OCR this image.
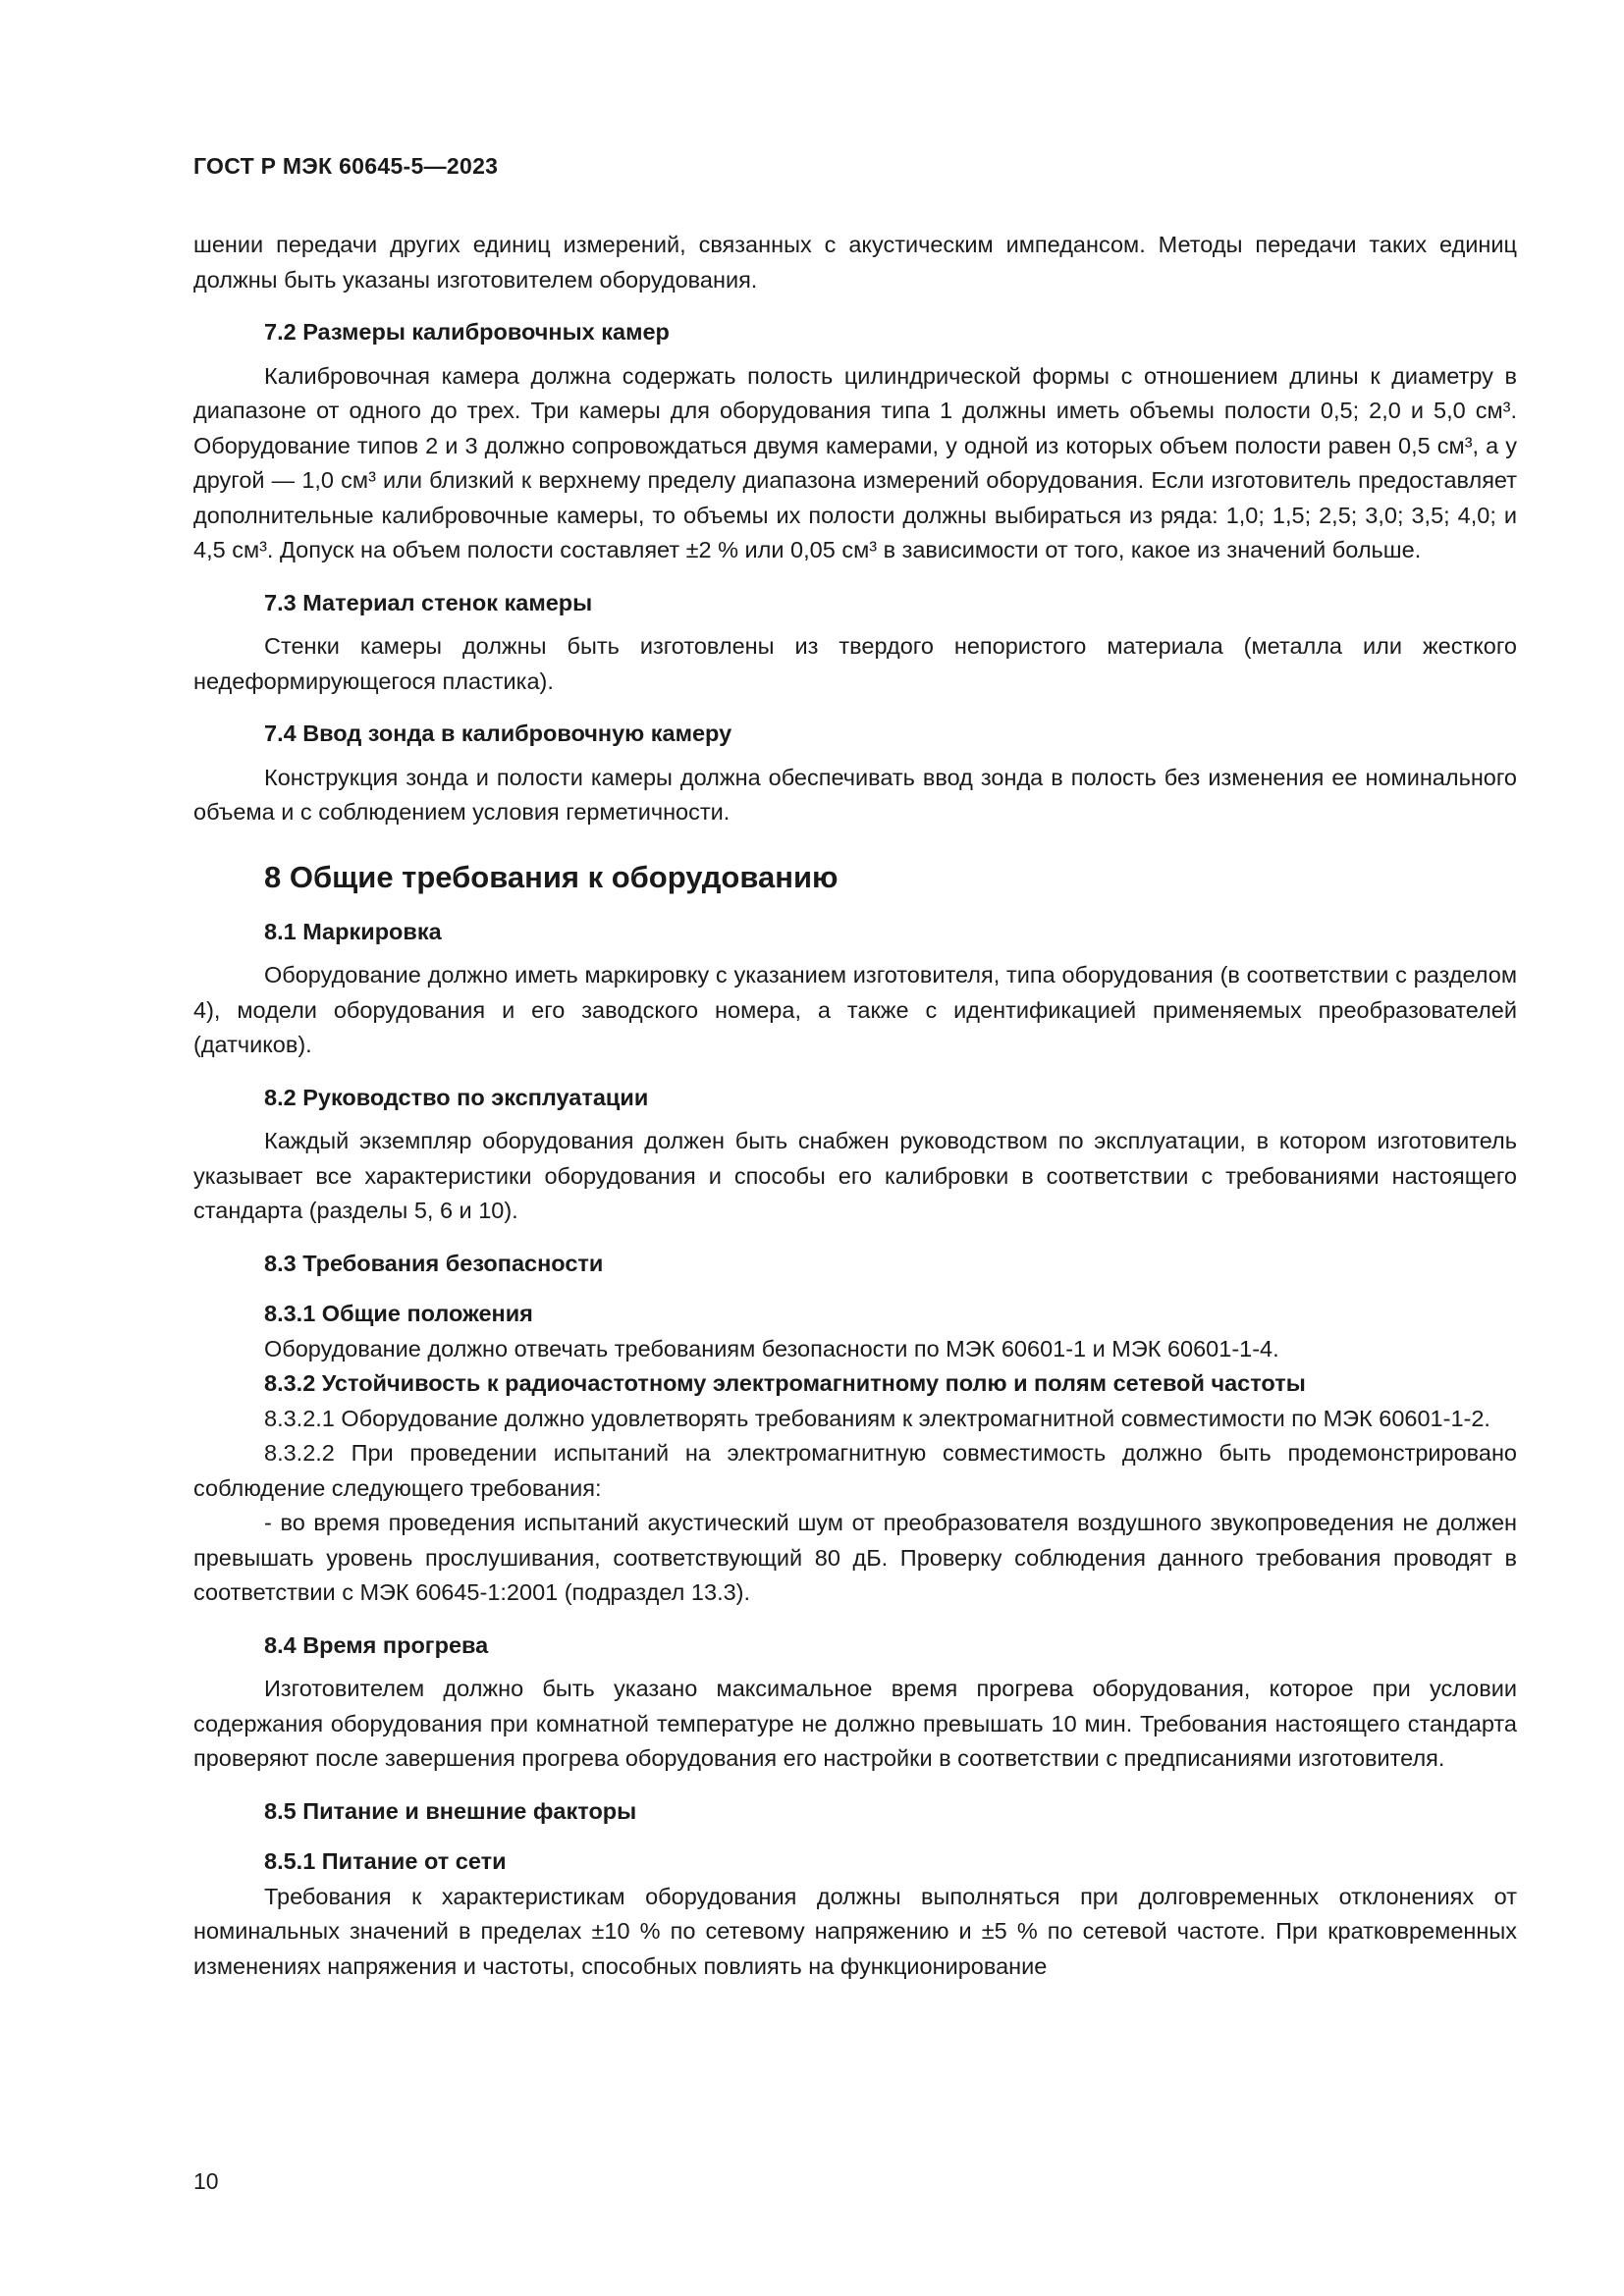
ГОСТ Р МЭК 60645-5—2023

шении передачи других единиц измерений, связанных с акустическим импедансом. Методы передачи таких единиц должны быть указаны изготовителем оборудования.

7.2 Размеры калибровочных камер

Калибровочная камера должна содержать полость цилиндрической формы с отношением длины к диаметру в диапазоне от одного до трех. Три камеры для оборудования типа 1 должны иметь объемы полости 0,5; 2,0 и 5,0 см³. Оборудование типов 2 и 3 должно сопровождаться двумя камерами, у одной из которых объем полости равен 0,5 см³, а у другой — 1,0 см³ или близкий к верхнему пределу диапазона измерений оборудования. Если изготовитель предоставляет дополнительные калибровочные камеры, то объемы их полости должны выбираться из ряда: 1,0; 1,5; 2,5; 3,0; 3,5; 4,0; и 4,5 см³. Допуск на объем полости составляет ±2 % или 0,05 см³ в зависимости от того, какое из значений больше.

7.3 Материал стенок камеры

Стенки камеры должны быть изготовлены из твердого непористого материала (металла или жесткого недеформирующегося пластика).

7.4 Ввод зонда в калибровочную камеру

Конструкция зонда и полости камеры должна обеспечивать ввод зонда в полость без изменения ее номинального объема и с соблюдением условия герметичности.

8 Общие требования к оборудованию
8.1 Маркировка

Оборудование должно иметь маркировку с указанием изготовителя, типа оборудования (в соответствии с разделом 4), модели оборудования и его заводского номера, а также с идентификацией применяемых преобразователей (датчиков).

8.2 Руководство по эксплуатации

Каждый экземпляр оборудования должен быть снабжен руководством по эксплуатации, в котором изготовитель указывает все характеристики оборудования и способы его калибровки в соответствии с требованиями настоящего стандарта (разделы 5, 6 и 10).

8.3 Требования безопасности
8.3.1 Общие положения

Оборудование должно отвечать требованиям безопасности по МЭК 60601-1 и МЭК 60601-1-4.

8.3.2 Устойчивость к радиочастотному электромагнитному полю и полям сетевой частоты

8.3.2.1 Оборудование должно удовлетворять требованиям к электромагнитной совместимости по МЭК 60601-1-2.

8.3.2.2 При проведении испытаний на электромагнитную совместимость должно быть продемонстрировано соблюдение следующего требования:

- во время проведения испытаний акустический шум от преобразователя воздушного звукопроведения не должен превышать уровень прослушивания, соответствующий 80 дБ. Проверку соблюдения данного требования проводят в соответствии с МЭК 60645-1:2001 (подраздел 13.3).

8.4 Время прогрева

Изготовителем должно быть указано максимальное время прогрева оборудования, которое при условии содержания оборудования при комнатной температуре не должно превышать 10 мин. Требования настоящего стандарта проверяют после завершения прогрева оборудования его настройки в соответствии с предписаниями изготовителя.

8.5 Питание и внешние факторы
8.5.1 Питание от сети

Требования к характеристикам оборудования должны выполняться при долговременных отклонениях от номинальных значений в пределах ±10 % по сетевому напряжению и ±5 % по сетевой частоте. При кратковременных изменениях напряжения и частоты, способных повлиять на функционирование

10
